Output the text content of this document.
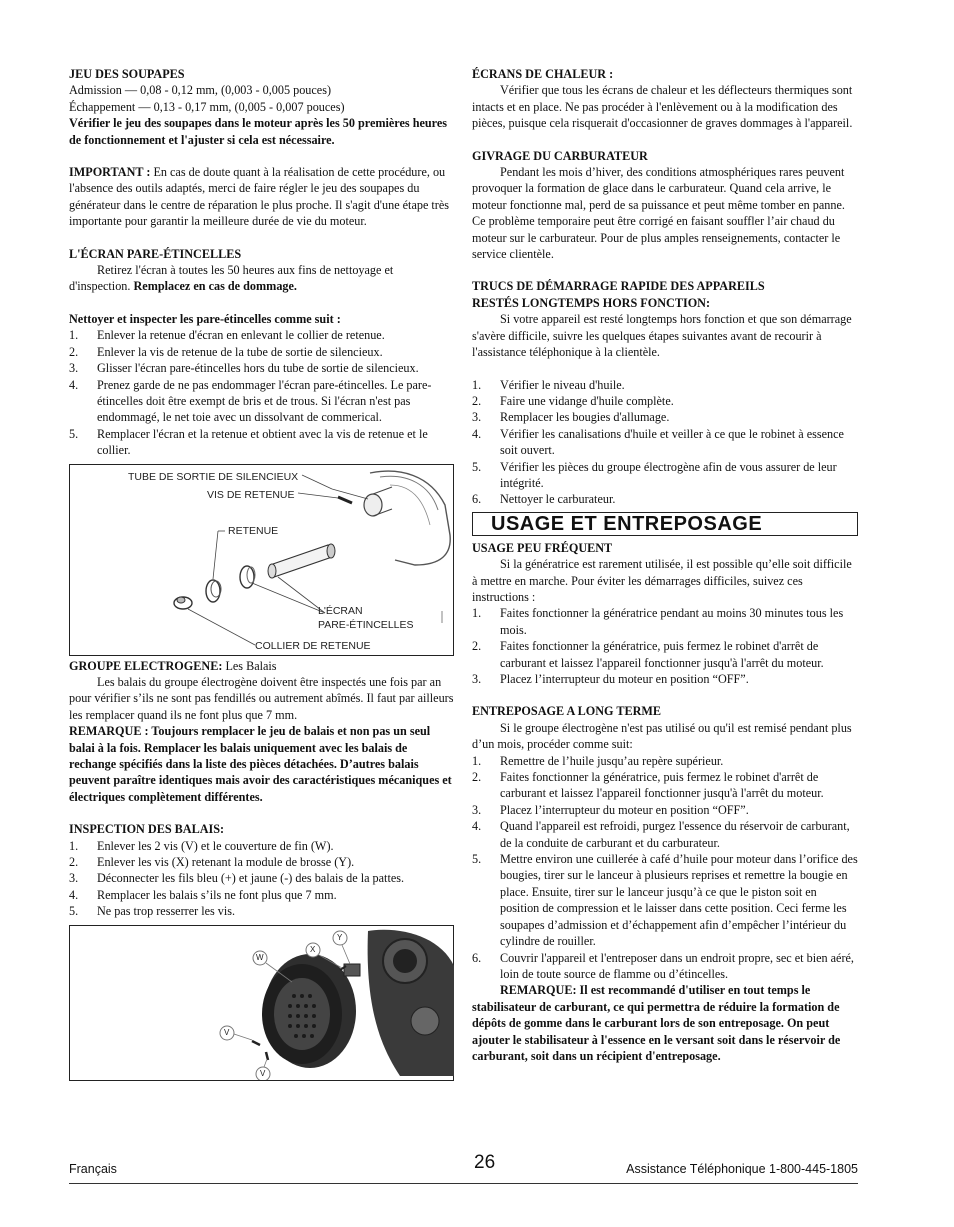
JEU DES SOUPAPES

Admission — 0,08 - 0,12 mm, (0,003 - 0,005 pouces)

Échappement — 0,13 - 0,17 mm, (0,005 - 0,007 pouces)

Vérifier le jeu des soupapes dans le moteur après les 50 premières heures de fonctionnement et l'ajuster si cela est nécessaire.

IMPORTANT : En cas de doute quant à la réalisation de cette procédure, ou l'absence des outils adaptés, merci de faire régler le jeu des soupapes du générateur dans le centre de réparation le plus proche. Il s'agit d'une étape très importante pour garantir la meilleure durée de vie du moteur.

L'ÉCRAN PARE-ÉTINCELLES

Retirez l'écran à toutes les 50 heures aux fins de nettoyage et d'inspection. Remplacez en cas de dommage.

Nettoyer et inspecter les pare-étincelles comme suit :

1. Enlever la retenue d'écran en enlevant le collier de retenue.
2. Enlever la vis de retenue de la tube de sortie de silencieux.
3. Glisser l'écran pare-étincelles hors du tube de sortie de silencieux.
4. Prenez garde de ne pas endommager l'écran pare-étincelles. Le pare-étincelles doit être exempt de bris et de trous. Si l'écran n'est pas endommagé, le net toie avec un dissolvant de commerical.
5. Remplacer l'écran et la retenue et obtient avec la vis de retenue et le collier.
TUBE DE SORTIE DE SILENCIEUX
VIS DE RETENUE
RETENUE
L'ÉCRAN
PARE-ÉTINCELLES
COLLIER DE RETENUE

GROUPE ELECTROGENE: Les Balais

Les balais du groupe électrogène doivent être inspectés une fois par an pour vérifier s’ils ne sont pas fendillés ou autrement abîmés. Il faut par ailleurs les remplacer quand ils ne font plus que 7 mm.

REMARQUE : Toujours remplacer le jeu de balais et non pas un seul balai à la fois. Remplacer les balais uniquement avec les balais de rechange spécifiés dans la liste des pièces détachées. D’autres balais peuvent paraître identiques mais avoir des caractéristiques mécaniques et électriques complètement différentes.

INSPECTION DES BALAIS:

1. Enlever les 2 vis (V) et le couverture de fin (W).
2. Enlever les vis (X) retenant la module de brosse (Y).
3. Déconnecter les fils bleu (+) et jaune (-) des balais de la pattes.
4. Remplacer les balais s’ils ne font plus que 7 mm.
5. Ne pas trop resserrer les vis.
W
X
Y
V
V

ÉCRANS DE CHALEUR :

Vérifier que tous les écrans de chaleur et les déflecteurs thermiques sont intacts et en place. Ne pas procéder à l'enlèvement ou à la modification des pièces, puisque cela risquerait d'occasionner de graves dommages à l'appareil.

GIVRAGE DU CARBURATEUR

Pendant les mois d’hiver, des conditions atmosphériques rares peuvent provoquer la formation de glace dans le carburateur. Quand cela arrive, le moteur fonctionne mal, perd de sa puissance et peut même tomber en panne. Ce problème temporaire peut être corrigé en faisant souffler l’air chaud du moteur sur le carburateur. Pour de plus amples renseignements, contacter le service clientèle.

TRUCS DE DÉMARRAGE RAPIDE DES APPAREILS

RESTÉS LONGTEMPS HORS FONCTION:

Si votre appareil est resté longtemps hors fonction et que son démarrage s'avère difficile, suivre les quelques étapes suivantes avant de recourir à l'assistance téléphonique à la clientèle.

1. Vérifier le niveau d'huile.
2. Faire une vidange d'huile complète.
3. Remplacer les bougies d'allumage.
4. Vérifier les canalisations d'huile et veiller à ce que le robinet à essence soit ouvert.
5. Vérifier les pièces du groupe électrogène afin de vous assurer de leur intégrité.
6. Nettoyer le carburateur.
USAGE ET ENTREPOSAGE

USAGE PEU FRÉQUENT

Si la génératrice est rarement utilisée, il est possible qu’elle soit difficile à mettre en marche. Pour éviter les démarrages difficiles, suivez ces instructions :

1. Faites fonctionner la génératrice pendant au moins 30 minutes tous les mois.
2. Faites fonctionner la génératrice, puis fermez le robinet d'arrêt de carburant et laissez l'appareil fonctionner jusqu'à l'arrêt du moteur.
3. Placez l’interrupteur du moteur en position “OFF”.

ENTREPOSAGE A LONG TERME

Si le groupe électrogène n'est pas utilisé ou qu'il est remisé pendant plus d’un mois, procéder comme suit:

1. Remettre de l’huile jusqu’au repère supérieur.
2. Faites fonctionner la génératrice, puis fermez le robinet d'arrêt de carburant et laissez l'appareil fonctionner jusqu'à l'arrêt du moteur.
3. Placez l’interrupteur du moteur en position “OFF”.
4. Quand l'appareil est refroidi, purgez l'essence du réservoir de carburant, de la conduite de carburant et du carburateur.
5. Mettre environ une cuillerée à café d’huile pour moteur dans l’orifice des bougies, tirer sur le lanceur à plusieurs reprises et remettre la bougie en place. Ensuite, tirer sur le lanceur jusqu’à ce que le piston soit en position de compression et le laisser dans cette position. Ceci ferme les soupapes d’admission et d’échappement afin d’empêcher l’intérieur du cylindre de rouiller.
6. Couvrir l'appareil et l'entreposer dans un endroit propre, sec et bien aéré, loin de toute source de flamme ou d’étincelles.

REMARQUE: Il est recommandé d'utiliser en tout temps le stabilisateur de carburant, ce qui permettra de réduire la formation de dépôts de gomme dans le carburant lors de son entreposage. On peut ajouter le stabilisateur à l'essence en le versant soit dans le réservoir de carburant, soit dans un récipient d'entreposage.

Français	26	Assistance Téléphonique 1-800-445-1805
